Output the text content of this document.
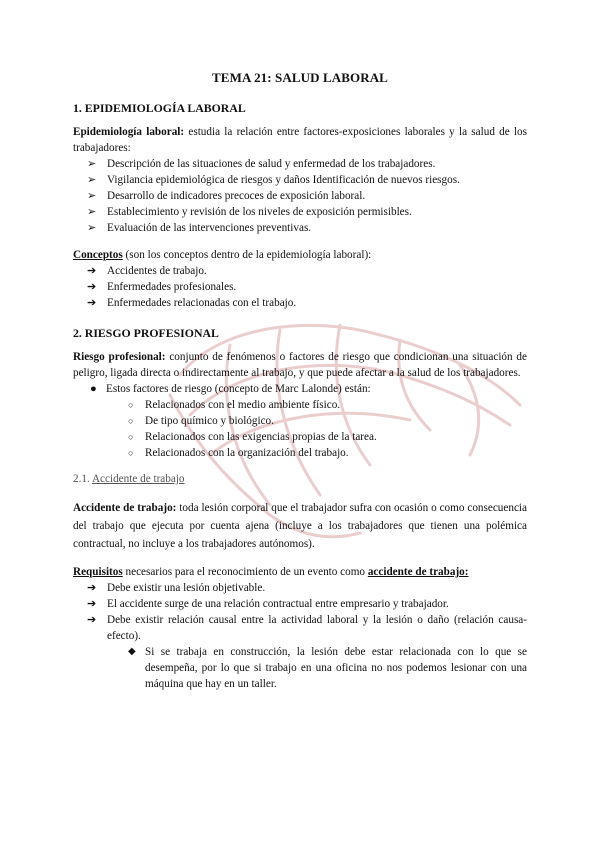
TEMA 21: SALUD LABORAL
1. EPIDEMIOLOGÍA LABORAL

Epidemiología laboral: estudia la relación entre factores-exposiciones laborales y la salud de los trabajadores:

➢ Descripción de las situaciones de salud y enfermedad de los trabajadores.
➢ Vigilancia epidemiológica de riesgos y daños Identificación de nuevos riesgos.
➢ Desarrollo de indicadores precoces de exposición laboral.
➢ Establecimiento y revisión de los niveles de exposición permisibles.
➢ Evaluación de las intervenciones preventivas.

Conceptos (son los conceptos dentro de la epidemiología laboral):

➔ Accidentes de trabajo.
➔ Enfermedades profesionales.
➔ Enfermedades relacionadas con el trabajo.
2. RIESGO PROFESIONAL

Riesgo profesional: conjunto de fenómenos o factores de riesgo que condicionan una situación de peligro, ligada directa o indirectamente al trabajo, y que puede afectar a la salud de los trabajadores.

● Estos factores de riesgo (concepto de Marc Lalonde) están:
○ Relacionados con el medio ambiente físico.
○ De tipo químico y biológico.
○ Relacionados con las exigencias propias de la tarea.
○ Relacionados con la organización del trabajo.
2.1. Accidente de trabajo

Accidente de trabajo: toda lesión corporal que el trabajador sufra con ocasión o como consecuencia del trabajo que ejecuta por cuenta ajena (incluye a los trabajadores que tienen una polémica contractual, no incluye a los trabajadores autónomos).

Requisitos necesarios para el reconocimiento de un evento como accidente de trabajo:

➔ Debe existir una lesión objetivable.
➔ El accidente surge de una relación contractual entre empresario y trabajador.
➔ Debe existir relación causal entre la actividad laboral y la lesión o daño (relación causa-efecto).
◆ Si se trabaja en construcción, la lesión debe estar relacionada con lo que se desempeña, por lo que si trabajo en una oficina no nos podemos lesionar con una máquina que hay en un taller.
